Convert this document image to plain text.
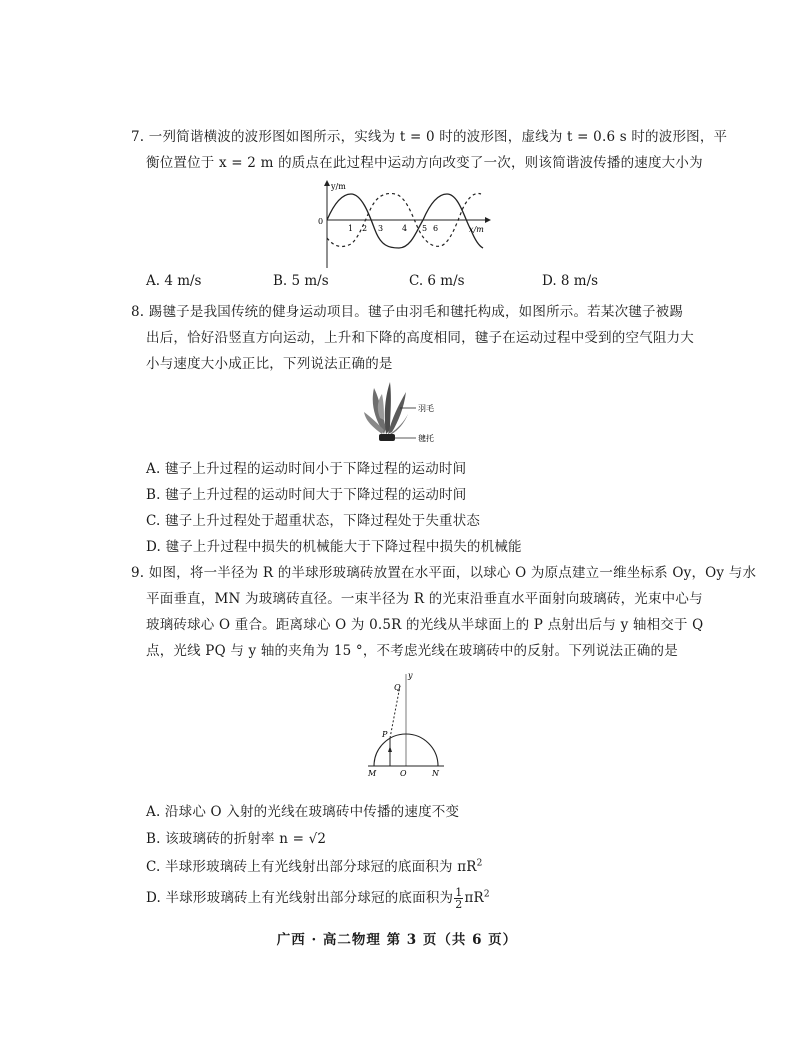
7. 一列简谐横波的波形图如图所示，实线为 t = 0 时的波形图，虚线为 t = 0.6 s 时的波形图，平
衡位置位于 x = 2 m 的质点在此过程中运动方向改变了一次，则该简谐波传播的速度大小为
y/m
x/m
0
1 2 3 4 5 6
A. 4 m/s	B. 5 m/s	C. 6 m/s	D. 8 m/s
8. 踢毽子是我国传统的健身运动项目。毽子由羽毛和毽托构成，如图所示。若某次毽子被踢
出后，恰好沿竖直方向运动，上升和下降的高度相同，毽子在运动过程中受到的空气阻力大
小与速度大小成正比，下列说法正确的是
羽毛
毽托
A. 毽子上升过程的运动时间小于下降过程的运动时间
B. 毽子上升过程的运动时间大于下降过程的运动时间
C. 毽子上升过程处于超重状态，下降过程处于失重状态
D. 毽子上升过程中损失的机械能大于下降过程中损失的机械能
9. 如图，将一半径为 R 的半球形玻璃砖放置在水平面，以球心 O 为原点建立一维坐标系 Oy，Oy 与水
平面垂直，MN 为玻璃砖直径。一束半径为 R 的光束沿垂直水平面射向玻璃砖，光束中心与
玻璃砖球心 O 重合。距离球心 O 为 0.5R 的光线从半球面上的 P 点射出后与 y 轴相交于 Q
点，光线 PQ 与 y 轴的夹角为 15 °，不考虑光线在玻璃砖中的反射。下列说法正确的是
y
Q
P
M	O	N
A. 沿球心 O 入射的光线在玻璃砖中传播的速度不变
B. 该玻璃砖的折射率 n = √2
C. 半球形玻璃砖上有光线射出部分球冠的底面积为 $\pi R^2$
D. 半球形玻璃砖上有光线射出部分球冠的底面积为 $\frac{1}{2} \pi R^2$
广西 · 高二物理 第 3 页（共 6 页）
